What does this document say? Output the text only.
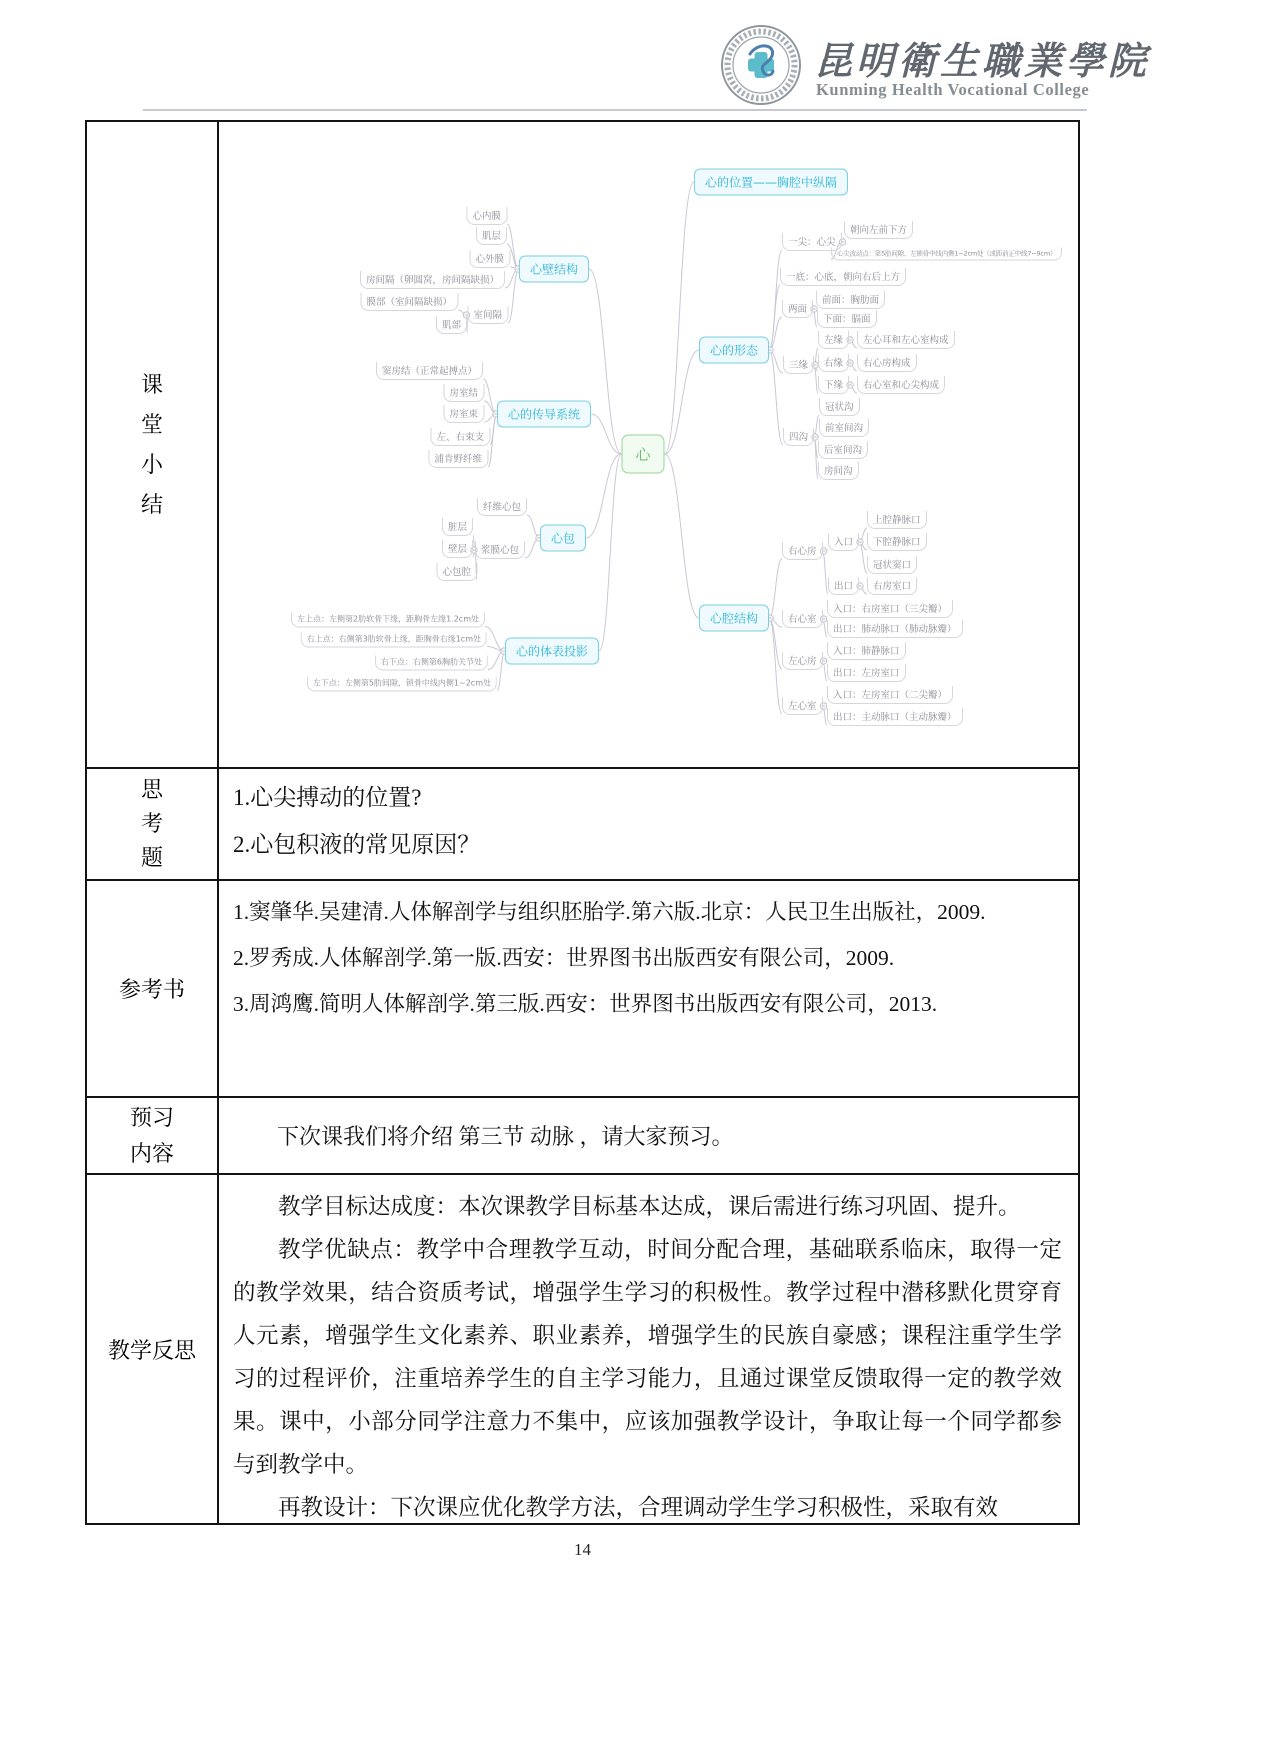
昆明衛生職業學院
Kunming Health Vocational College
课堂小结
心
心的位置——胸腔中纵隔
心的形态
心腔结构
心壁结构
心的传导系统
心包
心的体表投影
心内膜
肌层
心外膜
房间隔（卵圆窝，房间隔缺损）
室间隔
膜部（室间隔缺损）
肌部
窦房结（正常起搏点）
房室结
房室束
左、右束支
浦肯野纤维
纤维心包
浆膜心包
脏层
壁层
心包腔
左上点：左侧第2肋软骨下缘，距胸骨左缘1.2cm处
右上点：右侧第3肋软骨上缘，距胸骨右缘1cm处
右下点：右侧第6胸肋关节处
左下点：左侧第5肋间隙，锁骨中线内侧1~2cm处
一尖：心尖
朝向左前下方
心尖波动点：第5肋间隙、左锁骨中线内侧1~2cm处（或距前正中线7~9cm）
一底：心底，朝向右后上方
两面
前面：胸肋面
下面：膈面
三缘
左缘	左心耳和左心室构成
右缘	右心房构成
下缘	右心室和心尖构成
四沟
冠状沟
前室间沟
后室间沟
房间沟
右心房
入口
上腔静脉口
下腔静脉口
冠状窦口
出口	右房室口
右心室
入口：右房室口（三尖瓣）
出口：肺动脉口（肺动脉瓣）
左心房
入口：肺静脉口
出口：左房室口
左心室
入口：左房室口（二尖瓣）
出口：主动脉口（主动脉瓣）
思考题
1.心尖搏动的位置?
2.心包积液的常见原因？
参考书
1.窦肇华.吴建清.人体解剖学与组织胚胎学.第六版.北京：人民卫生出版社，2009.
2.罗秀成.人体解剖学.第一版.西安：世界图书出版西安有限公司，2009.
3.周鸿鹰.简明人体解剖学.第三版.西安：世界图书出版西安有限公司，2013.
预习内容
下次课我们将介绍 第三节 动脉 ，请大家预习。
教学反思

教学目标达成度：本次课教学目标基本达成，课后需进行练习巩固、提升。

教学优缺点：教学中合理教学互动，时间分配合理，基础联系临床，取得一定的教学效果，结合资质考试，增强学生学习的积极性。教学过程中潜移默化贯穿育人元素，增强学生文化素养、职业素养，增强学生的民族自豪感；课程注重学生学习的过程评价，注重培养学生的自主学习能力，且通过课堂反馈取得一定的教学效果。课中，小部分同学注意力不集中，应该加强教学设计，争取让每一个同学都参与到教学中。

再教设计：下次课应优化教学方法，合理调动学生学习积极性，采取有效

14
